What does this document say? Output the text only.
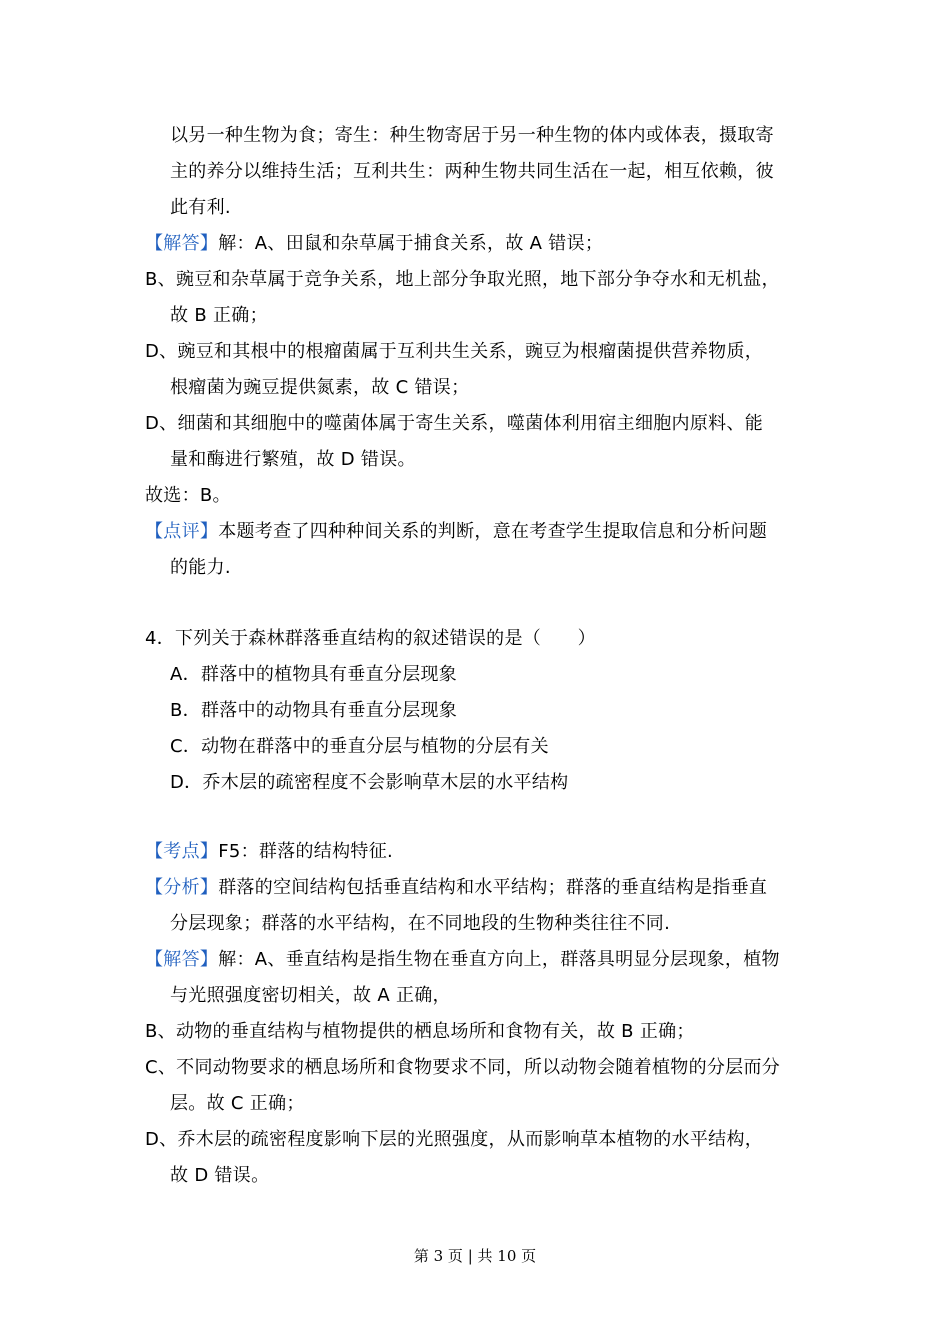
以另一种生物为食；寄生：种生物寄居于另一种生物的体内或体表，摄取寄
主的养分以维持生活；互利共生：两种生物共同生活在一起，相互依赖，彼
此有利.
【解答】解：A、田鼠和杂草属于捕食关系，故 A 错误；
B、豌豆和杂草属于竞争关系，地上部分争取光照，地下部分争夺水和无机盐，
故 B 正确；
D、豌豆和其根中的根瘤菌属于互利共生关系，豌豆为根瘤菌提供营养物质，
根瘤菌为豌豆提供氮素，故 C 错误；
D、细菌和其细胞中的噬菌体属于寄生关系，噬菌体利用宿主细胞内原料、能
量和酶进行繁殖，故 D 错误。
故选：B。
【点评】本题考查了四种种间关系的判断，意在考查学生提取信息和分析问题
的能力.
4．下列关于森林群落垂直结构的叙述错误的是（　　）
A．群落中的植物具有垂直分层现象
B．群落中的动物具有垂直分层现象
C．动物在群落中的垂直分层与植物的分层有关
D．乔木层的疏密程度不会影响草木层的水平结构
【考点】F5：群落的结构特征.
【分析】群落的空间结构包括垂直结构和水平结构；群落的垂直结构是指垂直
分层现象；群落的水平结构，在不同地段的生物种类往往不同.
【解答】解：A、垂直结构是指生物在垂直方向上，群落具明显分层现象，植物
与光照强度密切相关，故 A 正确，
B、动物的垂直结构与植物提供的栖息场所和食物有关，故 B 正确；
C、不同动物要求的栖息场所和食物要求不同，所以动物会随着植物的分层而分
层。故 C 正确；
D、乔木层的疏密程度影响下层的光照强度，从而影响草本植物的水平结构，
故 D 错误。
第 3 页 | 共 10 页
